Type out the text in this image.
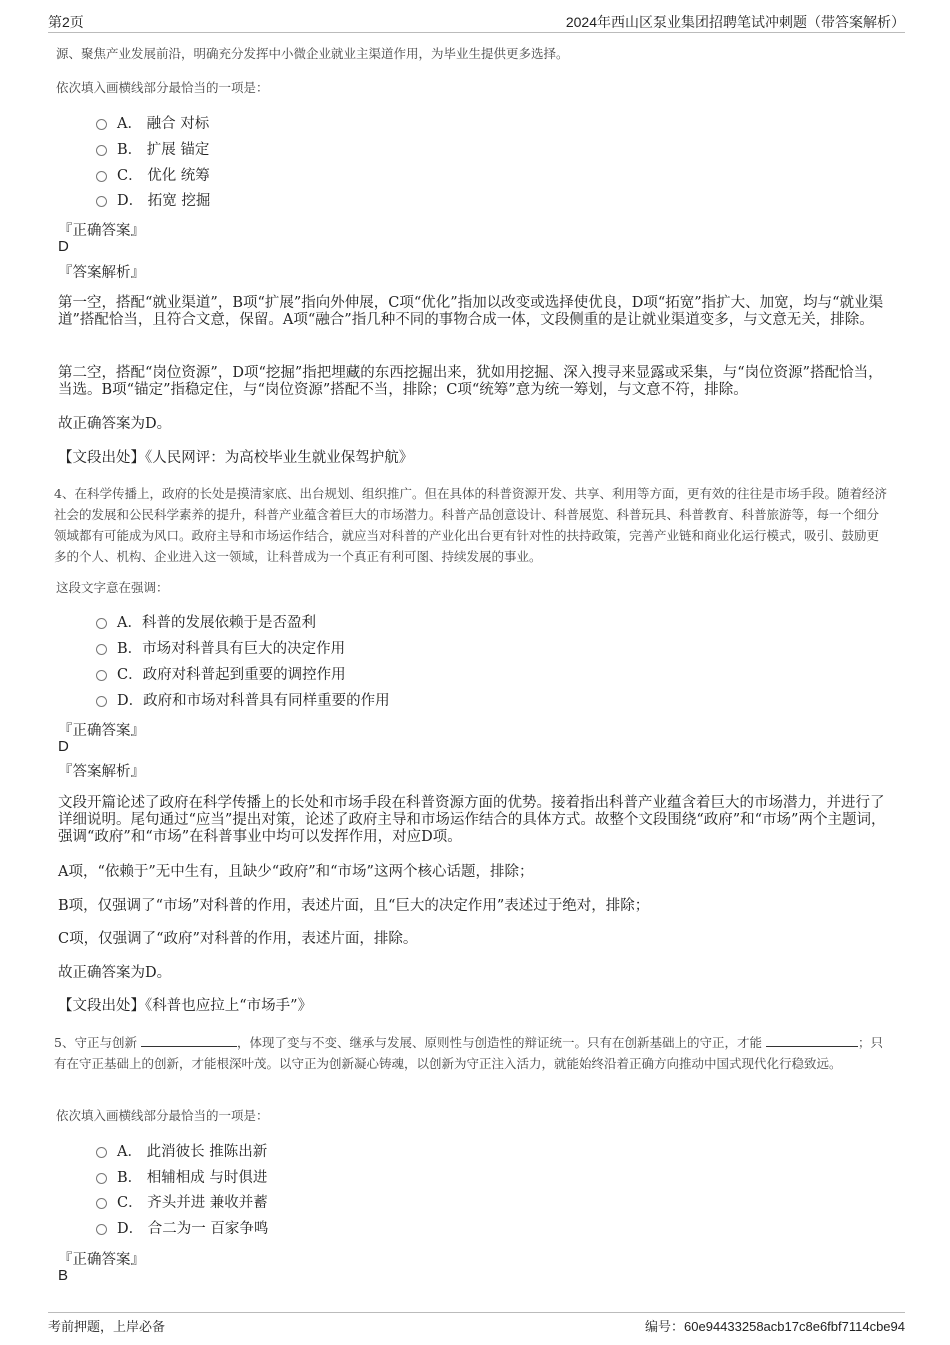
第2页	2024年西山区泵业集团招聘笔试冲刺题（带答案解析）
源、聚焦产业发展前沿，明确充分发挥中小微企业就业主渠道作用，为毕业生提供更多选择。
依次填入画横线部分最恰当的一项是：
A． 融合 对标
B． 扩展 锚定
C． 优化 统筹
D． 拓宽 挖掘
『正确答案』
D
『答案解析』
第一空，搭配“就业渠道”，B项“扩展”指向外伸展，C项“优化”指加以改变或选择使优良，D项“拓宽”指扩大、加宽，均与“就业渠道”搭配恰当，且符合文意，保留。A项“融合”指几种不同的事物合成一体，文段侧重的是让就业渠道变多，与文意无关，排除。
第二空，搭配“岗位资源”，D项“挖掘”指把埋藏的东西挖掘出来，犹如用挖掘、深入搜寻来显露或采集，与“岗位资源”搭配恰当，当选。B项“锚定”指稳定住，与“岗位资源”搭配不当，排除；C项“统筹”意为统一筹划，与文意不符，排除。
故正确答案为D。
【文段出处】《人民网评：为高校毕业生就业保驾护航》
4、在科学传播上，政府的长处是摸清家底、出台规划、组织推广。但在具体的科普资源开发、共享、利用等方面，更有效的往往是市场手段。随着经济社会的发展和公民科学素养的提升，科普产业蕴含着巨大的市场潜力。科普产品创意设计、科普展览、科普玩具、科普教育、科普旅游等，每一个细分领域都有可能成为风口。政府主导和市场运作结合，就应当对科普的产业化出台更有针对性的扶持政策，完善产业链和商业化运行模式，吸引、鼓励更多的个人、机构、企业进入这一领域，让科普成为一个真正有利可图、持续发展的事业。
这段文字意在强调：
A．科普的发展依赖于是否盈利
B．市场对科普具有巨大的决定作用
C．政府对科普起到重要的调控作用
D．政府和市场对科普具有同样重要的作用
『正确答案』
D
『答案解析』
文段开篇论述了政府在科学传播上的长处和市场手段在科普资源方面的优势。接着指出科普产业蕴含着巨大的市场潜力，并进行了详细说明。尾句通过“应当”提出对策，论述了政府主导和市场运作结合的具体方式。故整个文段围绕“政府”和“市场”两个主题词，强调“政府”和“市场”在科普事业中均可以发挥作用，对应D项。
A项，“依赖于”无中生有，且缺少“政府”和“市场”这两个核心话题，排除；
B项，仅强调了“市场”对科普的作用，表述片面，且“巨大的决定作用”表述过于绝对，排除；
C项，仅强调了“政府”对科普的作用，表述片面，排除。
故正确答案为D。
【文段出处】《科普也应拉上“市场手”》
5、守正与创新	，体现了变与不变、继承与发展、原则性与创造性的辩证统一。只有在创新基础上的守正，才能	；只有在守正基础上的创新，才能根深叶茂。以守正为创新凝心铸魂，以创新为守正注入活力，就能始终沿着正确方向推动中国式现代化行稳致远。
依次填入画横线部分最恰当的一项是：
A． 此消彼长 推陈出新
B． 相辅相成 与时俱进
C． 齐头并进 兼收并蓄
D． 合二为一 百家争鸣
『正确答案』
B
考前押题，上岸必备	编号：60e94433258acb17c8e6fbf7114cbe94
